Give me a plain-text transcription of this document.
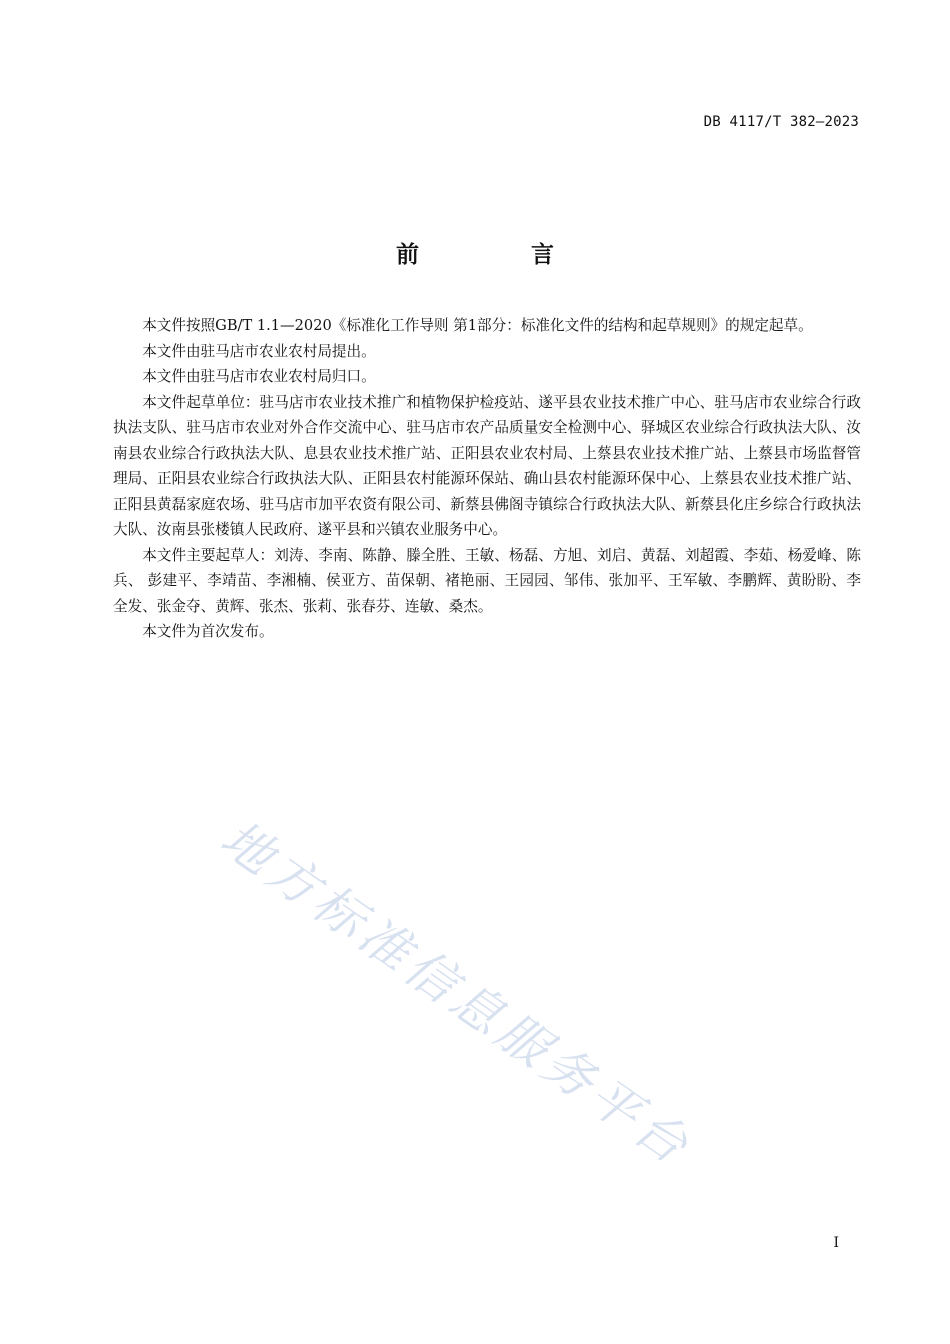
DB 4117/T 382—2023
前 言

本文件按照GB/T 1.1—2020《标准化工作导则 第1部分：标准化文件的结构和起草规则》的规定起草。

本文件由驻马店市农业农村局提出。

本文件由驻马店市农业农村局归口。

本文件起草单位：驻马店市农业技术推广和植物保护检疫站、遂平县农业技术推广中心、驻马店市农业综合行政执法支队、驻马店市农业对外合作交流中心、驻马店市农产品质量安全检测中心、驿城区农业综合行政执法大队、汝南县农业综合行政执法大队、息县农业技术推广站、正阳县农业农村局、上蔡县农业技术推广站、上蔡县市场监督管理局、正阳县农业综合行政执法大队、正阳县农村能源环保站、确山县农村能源环保中心、上蔡县农业技术推广站、正阳县黄磊家庭农场、驻马店市加平农资有限公司、新蔡县佛阁寺镇综合行政执法大队、新蔡县化庄乡综合行政执法大队、汝南县张楼镇人民政府、遂平县和兴镇农业服务中心。

本文件主要起草人：刘涛、李南、陈静、滕全胜、王敏、杨磊、方旭、刘启、黄磊、刘超霞、李茹、杨爱峰、陈兵、 彭建平、李靖苗、李湘楠、侯亚方、苗保朝、褚艳丽、王园园、邹伟、张加平、王军敏、李鹏辉、黄盼盼、李全发、张金夺、黄辉、张杰、张莉、张春芬、连敏、桑杰。

本文件为首次发布。

地方标准信息服务平台
I
